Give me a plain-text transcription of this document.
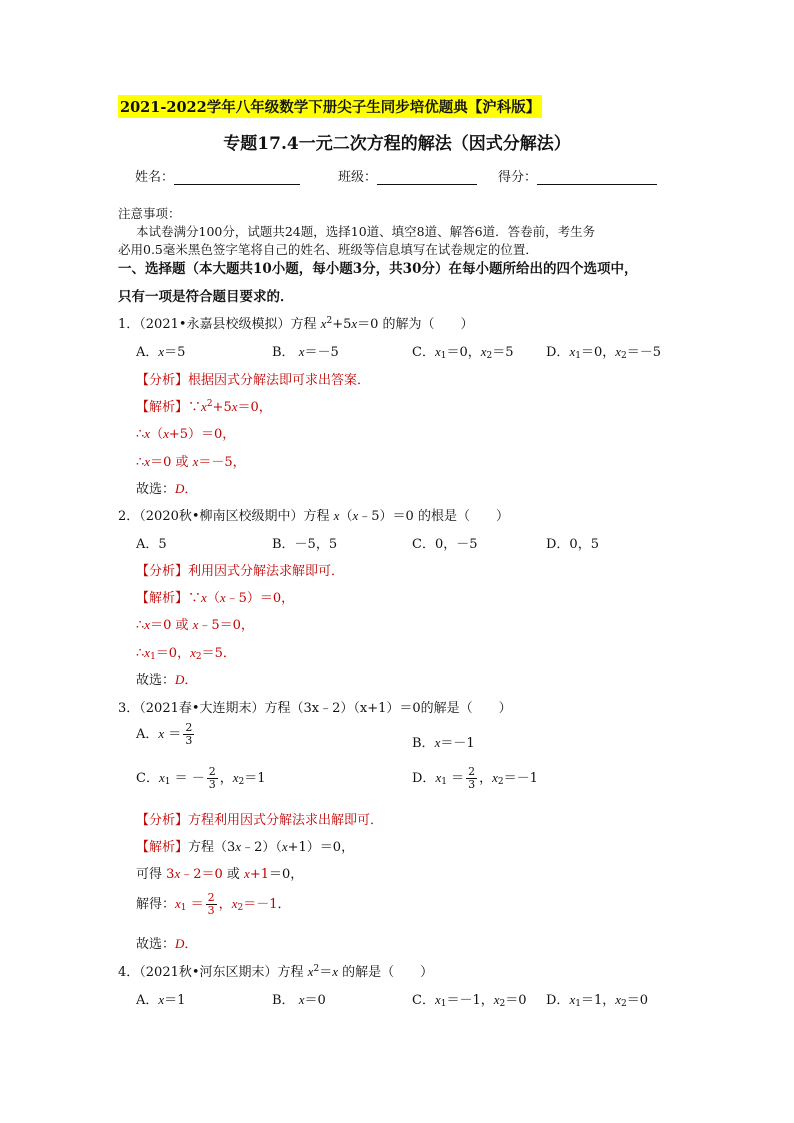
2021-2022学年八年级数学下册尖子生同步培优题典【沪科版】
专题17.4一元二次方程的解法（因式分解法）
姓名：	班级：	得分：
注意事项：
本试卷满分100分，试题共24题，选择10道、填空8道、解答6道．答卷前，考生务
必用0.5毫米黑色签字笔将自己的姓名、班级等信息填写在试卷规定的位置．
一、选择题（本大题共10小题，每小题3分，共30分）在每小题所给出的四个选项中，
只有一项是符合题目要求的．
1．（2021•永嘉县校级模拟）方程 $x^2+5x=0$ 的解为（　　）
A．x＝5	B． x＝－5	C．$x_1=0$，$x_2=5$ D．$x_1=0$，$x_2=-5$
【分析】根据因式分解法即可求出答案．
【解析】$\because x^2+5x=0$，
∴x（x+5）＝0，
∴x＝0 或 x＝－5，
故选：D．
2．（2020秋•柳南区校级期中）方程 x（x﹣5）＝0 的根是（　　）
A．5	B．－5，5	C．0，－5	D．0，5
【分析】利用因式分解法求解即可．
【解析】∵x（x﹣5）＝0，
∴x＝0 或 x﹣5＝0，
$\therefore x_1=0$，$x_2=5$．
故选：D．
3．（2021春•大连期末）方程（3x﹣2）（x+1）＝0的解是（　　）
A．$x = \frac{2}{3}$	B．x＝－1
C．$x_1$ ＝ － $\frac{2}{3}$ ，$x_2=1$	D．$x_1 = \frac{2}{3}$ ，$x_2=-1$
【分析】方程利用因式分解法求出解即可．
【解析】方程（3x﹣2）（x+1）＝0，
可得 3x﹣2＝0 或 x+1＝0，
解得：$x_1 = \frac{2}{3}$ ，$x_2=-1$．
故选：D．
4．（2021秋•河东区期末）方程 $x^2=x$ 的解是（　　）
A．x＝1	B． x＝0	C．$x_1=-1$，$x_2=0$ D．$x_1=1$，$x_2=0$
